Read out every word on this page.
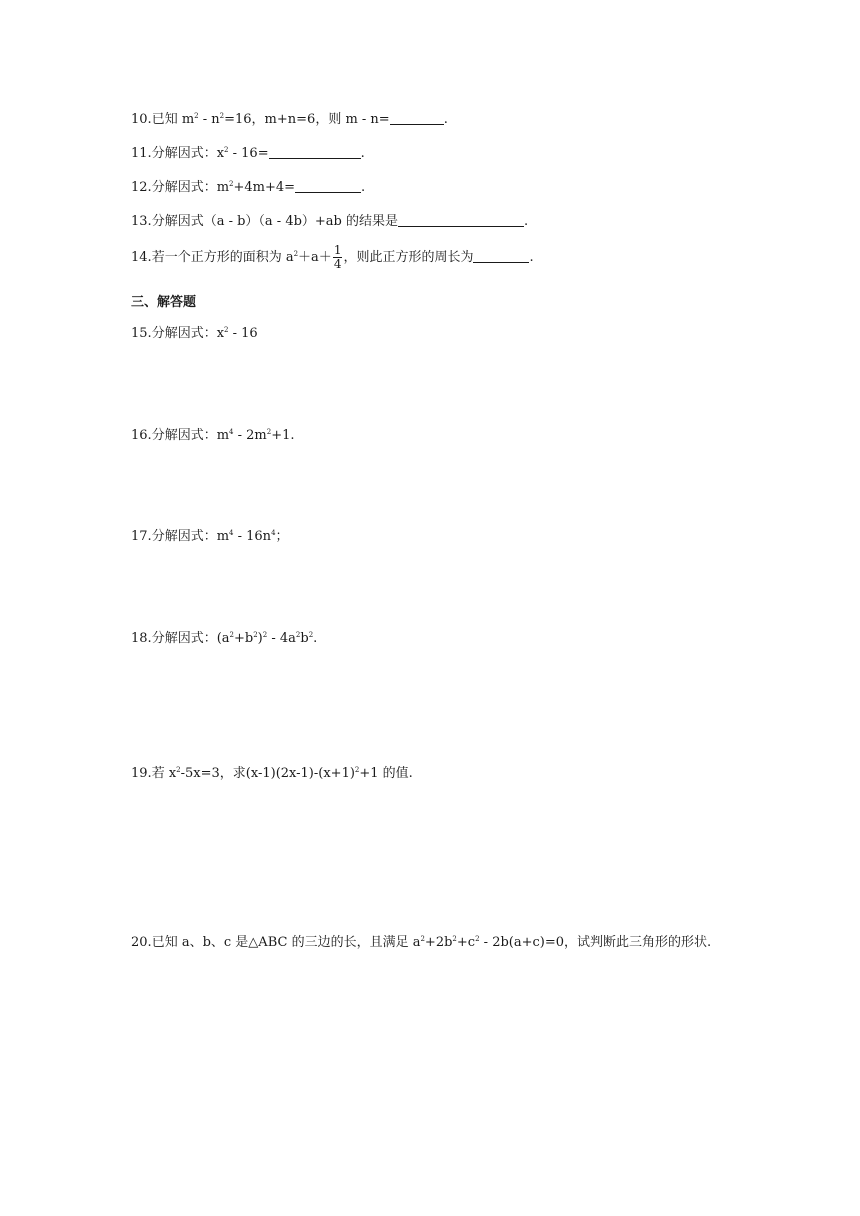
10.已知 $m^2 - n^2=16$，m+n=6，则 m - n=	.
11.分解因式：$x^2 - 16=$	.
12.分解因式：$m^2+4m+4=$	.
13.分解因式（a - b）（a - 4b）+ab 的结果是	.
14.若一个正方形的面积为 $a^2+a+ \frac{1}{4}$ ，则此正方形的周长为	.
三、解答题
15.分解因式：$x^2 - 16$
16.分解因式：$m^4 - 2m^2+1$.
17.分解因式：$m^4 - 16n^4$；
18.分解因式：$(a^2+b^2)^2 - 4a^2b^2$.
19.若 $x^2-5x=3$，求$(x-1)(2x-1)-(x+1)^2+1$ 的值.
20.已知 a、b、c 是△ABC 的三边的长，且满足 $a^2+2b^2+c^2 - 2b(a+c)=0$，试判断此三角形的形状.
